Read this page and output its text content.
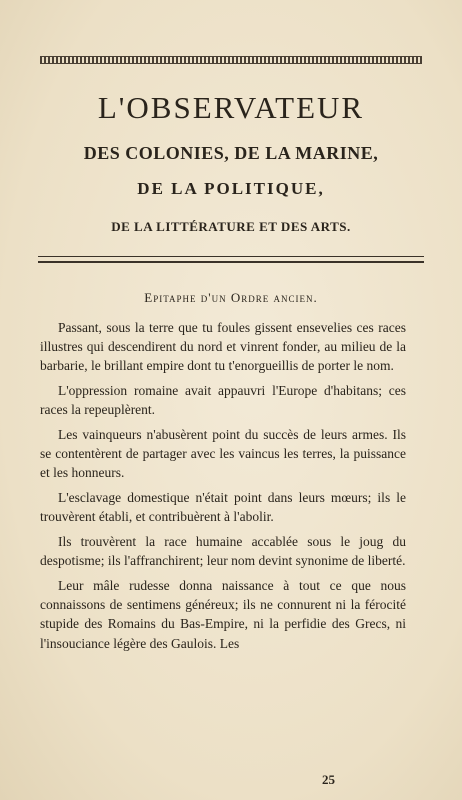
L'OBSERVATEUR
DES COLONIES, DE LA MARINE,
DE LA POLITIQUE,
DE LA LITTÉRATURE ET DES ARTS.
Epitaphe d'un Ordre ancien.

Passant, sous la terre que tu foules gissent ensevelies ces races illustres qui descendirent du nord et vinrent fonder, au milieu de la barbarie, le brillant empire dont tu t'enorgueillis de porter le nom.

L'oppression romaine avait appauvri l'Europe d'habitans; ces races la repeuplèrent.

Les vainqueurs n'abusèrent point du succès de leurs armes. Ils se contentèrent de partager avec les vaincus les terres, la puissance et les honneurs.

L'esclavage domestique n'était point dans leurs mœurs; ils le trouvèrent établi, et contribuèrent à l'abolir.

Ils trouvèrent la race humaine accablée sous le joug du despotisme; ils l'affranchirent; leur nom devint synonime de liberté.

Leur mâle rudesse donna naissance à tout ce que nous connaissons de sentimens généreux; ils ne connurent ni la férocité stupide des Romains du Bas-Empire, ni la perfidie des Grecs, ni l'insouciance légère des Gaulois. Les

25
